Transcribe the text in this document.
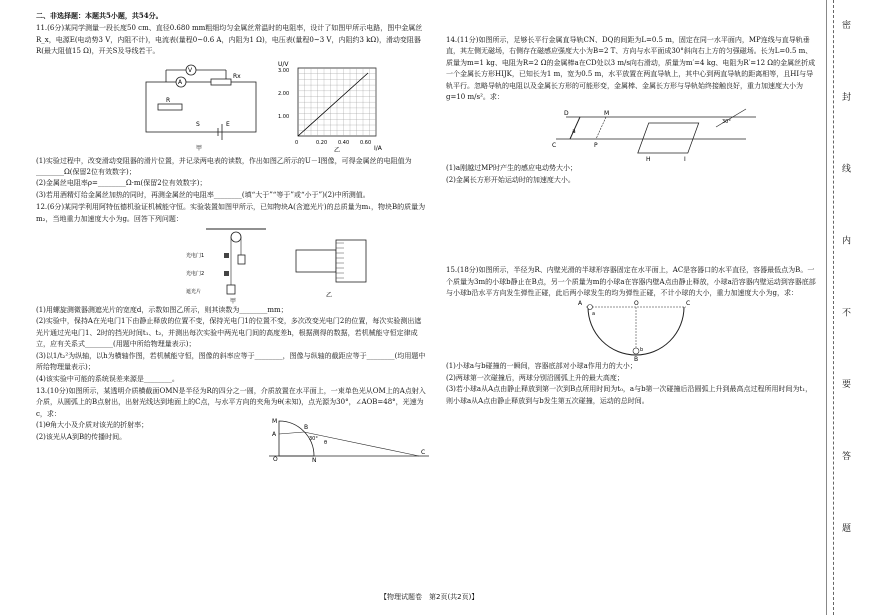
二、非选择题：本题共5小题，共54分。

11.(6分)某同学测量一段长度50 cm、直径0.680 mm粗细均匀金属丝常温时的电阻率，设计了如图甲所示电路，图中金属丝R_x，电源E(电动势3 V，内阻不计)，电流表(量程0~0.6 A，内阻为1 Ω)，电压表(量程0~3 V，内阻约3 kΩ)，滑动变阻器R(最大阻值15 Ω)，开关S及导线若干。

V
A
Rx
R
S	E
甲
U/V
I/A
3.00
2.00
1.00
0	0.20 0.40 0.60
乙

(1)实验过程中，改变滑动变阻器的滑片位置，并记录两电表的读数，作出如图乙所示的U－I图像，可得金属丝的电阻值为________Ω(保留2位有效数字)；

(2)金属丝电阻率ρ=________Ω·m(保留2位有效数字)；

(3)若用酒精灯给金属丝加热的同时，再测金属丝的电阻率________(填“大于”“等于”或“小于”)(2)中所测值。

12.(6分)某同学利用阿特伍德机验证机械能守恒。实验装置如图甲所示，已知物块A(含遮光片)的总质量为m₁，物块B的质量为m₂，当地重力加速度大小为g。回答下列问题：

光电门1
光电门2
遮光片
甲
乙

(1)用螺旋测微器测遮光片的宽度d，示数如图乙所示，则其读数为________mm；

(2)实验中，保持A在光电门1下由静止释放的位置不变，保持光电门1的位置不变，多次改变光电门2的位置，每次实验测出遮光片通过光电门1、2时的挡光时间t₁、t₂，并测出每次实验中两光电门间的高度差h，根据测得的数据，若机械能守恒定律成立，应有关系式________(用题中所给物理量表示)；

(3)以1/t₂²为纵轴，以h为横轴作图，若机械能守恒，图像的斜率应等于________，图像与纵轴的截距应等于________(均用题中所给物理量表示)；

(4)该实验中可能的系统误差来源是________。

13.(10分)如图所示，某透明介质横截面OMN是半径为R的四分之一圆，介质放置在水平面上，一束单色光从OM上的A点射入介质，从圆弧上的B点射出，出射光线达到地面上的C点，与水平方向的夹角为θ(未知)，点光源为30°，∠AOB=48°，光速为c，求：

(1)θ角大小及介质对该光的折射率；

(2)该光从A到B的传播时间。

M
A
B
O	N
C
30°
θ

14.(11分)如图所示，足够长平行金属直导轨CN、DQ的间距为L=0.5 m，固定在同一水平面内，MP连线与直导轨垂直，其左侧无磁场，右侧存在磁感应强度大小为B=2 T、方向与水平面成30°斜向右上方的匀强磁场。长为L=0.5 m、质量为m=1 kg、电阻为R=2 Ω的金属棒a在CD处以3 m/s向右滑动，质量为m′=4 kg、电阻为R′=12 Ω的金属丝折成一个金属长方形HIJK，已知长为1 m，宽为0.5 m，水平放置在两直导轨上，其中心到两直导轨的距离相等，且HI与导轨平行。忽略导轨的电阻以及金属长方形的可能形变，金属棒、金属长方形与导轨始终接触良好，重力加速度大小为g=10 m/s²。求：

D
C
M
P
H	I
a
30°

(1)a刚越过MP时产生的感应电动势大小；

(2)金属长方形开始运动时的加速度大小。

15.(18分)如图所示，半径为R、内壁光滑的半球形容器固定在水平面上，AC是容器口的水平直径，容器最低点为B。一个质量为3m的小球b静止在B点，另一个质量为m的小球a在容器内壁A点由静止释放，小球a沿容器内壁运动到容器底部与小球b沿水平方向发生弹性正碰，此后两小球发生的均为弹性正碰，不计小球的大小，重力加速度大小为g，求：

A	C
O
B
a
b

(1)小球a与b碰撞的一瞬间，容器底部对小球a作用力的大小；

(2)两球第一次碰撞后，两球分别沿圆弧上升的最大高度；

(3)若小球a从A点由静止释放到第一次到B点所用时间为t₀，a与b第一次碰撞后沿圆弧上升到最高点过程所用时间为t₁，则小球a从A点由静止释放到与b发生第五次碰撞，运动的总时间。	密 封 线 内 不 要 答 题
【物理试题卷　第2页(共2页)】
